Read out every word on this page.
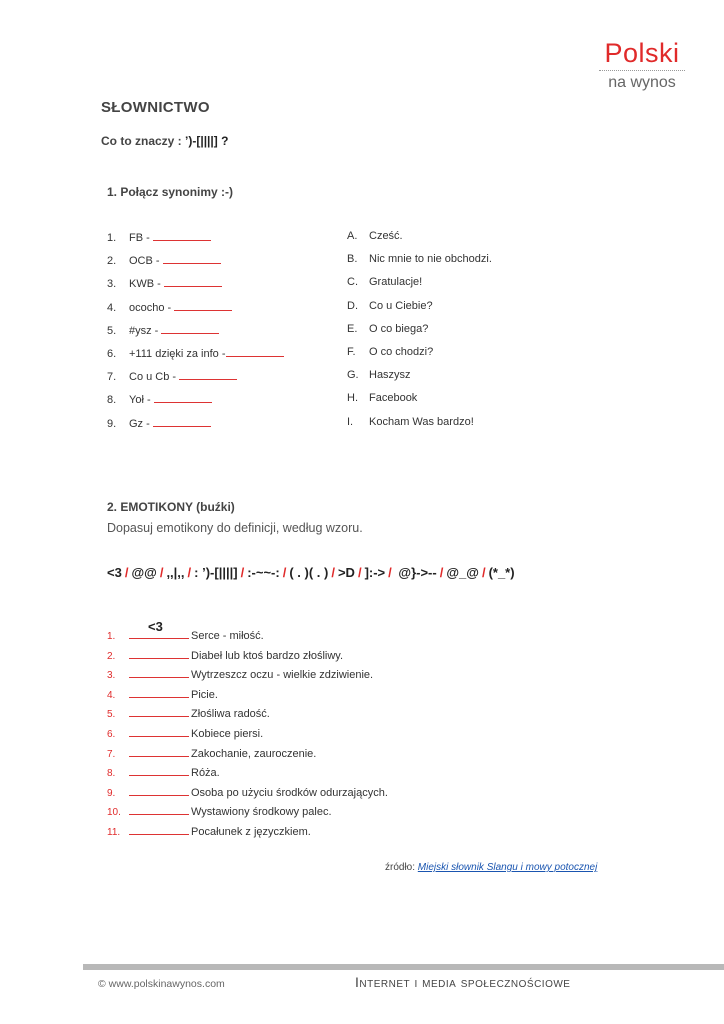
Polski
na wynos
SŁOWNICTWO
Co to znaczy : ’)-[||||] ?
1. Połącz synonimy :-)
1. FB -
2. OCB -
3. KWB -
4. ococho -
5. #ysz -
6. +111 dzięki za info -
7. Co u Cb -
8. Yoł -
9. Gz -
A. Cześć.
B. Nic mnie to nie obchodzi.
C. Gratulacje!
D. Co u Ciebie?
E. O co biega?
F. O co chodzi?
G. Haszysz
H. Facebook
I. Kocham Was bardzo!
2. EMOTIKONY (buźki)
Dopasuj emotikony do definicji, według wzoru.
<3 / @@ / ,,|,, / : ’)-[||||] / :-~~-: / ( . )( . ) / >D / ]:-> / @}->-- / @_@ / (*_*)
<3
1.	Serce - miłość.
2.	Diabeł lub ktoś bardzo złośliwy.
3.	Wytrzeszcz oczu - wielkie zdziwienie.
4.	Picie.
5.	Złośliwa radość.
6.	Kobiece piersi.
7.	Zakochanie, zauroczenie.
8.	Róża.
9.	Osoba po użyciu środków odurzających.
10.	Wystawiony środkowy palec.
11.	Pocałunek z języczkiem.
źródło: Miejski słownik Slangu i mowy potocznej
© www.polskinawynos.com	Internet i media społecznościowe
